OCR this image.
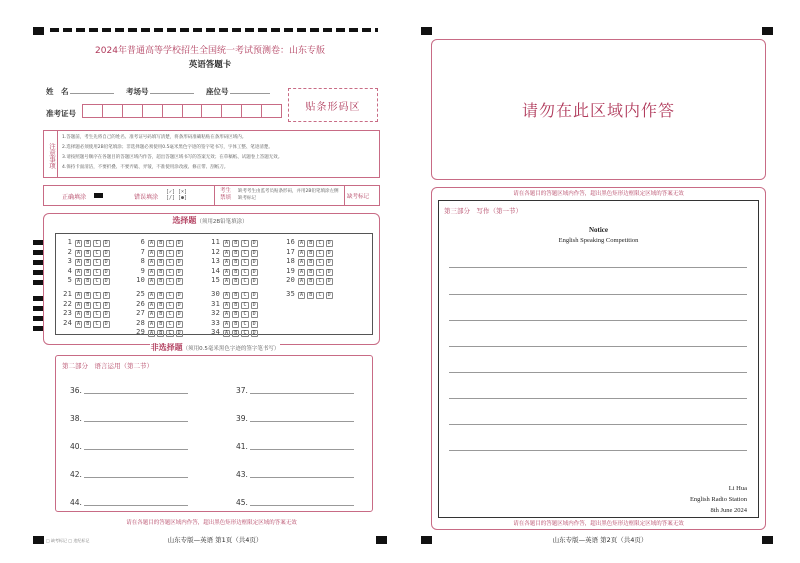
2024年普通高等学校招生全国统一考试预测卷：山东专版
英语答题卡
姓　名	考场号	座位号
准考证号
贴条形码区
注意事项
1.答题前，考生先将自己的姓名、准考证号码填写清楚，将条形码准确粘贴在条形码区域内。
2.选择题必须使用2B铅笔填涂；非选择题必须使用0.5毫米黑色字迹的签字笔书写，字体工整、笔迹清楚。
3.请按照题号顺序在各题目的答题区域内作答，超出答题区域书写的答案无效；在草稿纸、试题卷上答题无效。
4.保持卡面清洁，不要折叠、不要弄破、弄皱，不准使用涂改液、修正带、刮纸刀。
正确填涂	错误填涂
[✓] [×]
[/] [●]
考生禁填
缺考考生由监考员贴条形码，并用2B铅笔填涂左侧缺考标记	缺考标记
选择题（须用2B铅笔填涂）
1 A B C D
2 A B C D
3 A B C D
4 A B C D
5 A B C D
21 A B C D
22 A B C D
23 A B C D
24 A B C D
6 A B C D
7 A B C D
8 A B C D
9 A B C D
10 A B C D
25 A B C D
26 A B C D
27 A B C D
28 A B C D
29 A B C D
11 A B C D
12 A B C D
13 A B C D
14 A B C D
15 A B C D
30 A B C D
31 A B C D
32 A B C D
33 A B C D
34 A B C D
16 A B C D
17 A B C D
18 A B C D
19 A B C D
20 A B C D
35 A B C D
非选择题（须用0.5毫米黑色字迹的签字笔书写）
第二部分　语言运用（第二节）
36.
38.
40.
42.
44.
37.
39.
41.
43.
45.
请在各题目的答题区域内作答，超出黑色矩形边框限定区域的答案无效
□ 缺考标记 □ 违纪标记	山东专版—英语 第1页（共4页）
请勿在此区域内作答
请在各题目的答题区域内作答，超出黑色矩形边框限定区域的答案无效
第三部分　写作（第一节）
Notice
English Speaking Competition
Li Hua
English Radio Station
8th June 2024
请在各题目的答题区域内作答，超出黑色矩形边框限定区域的答案无效
山东专版—英语 第2页（共4页）
